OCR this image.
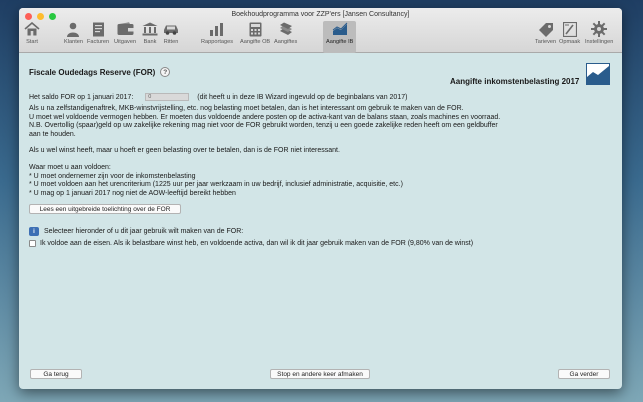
Boekhoudprogramma voor ZZP'ers [Jansen Consultancy]
Start	Klanten Facturen Uitgaven Bank Ritten	Rapportages Aangifte OB Aangiftes	Aangifte IB	Tarieven Opmaak Instellingen
Fiscale Oudedags Reserve (FOR)	?
Aangifte inkomstenbelasting 2017
Het saldo FOR op 1 januari 2017:
0	(dit heeft u in deze IB Wizard ingevuld op de beginbalans van 2017)
Als u na zelfstandigenaftrek, MKB-winstvrijstelling, etc. nog belasting moet betalen, dan is het interessant om gebruik te maken van de FOR.
U moet wel voldoende vermogen hebben. Er moeten dus voldoende andere posten op de activa-kant van de balans staan, zoals machines en voorraad.
N.B. Overtollig (spaar)geld op uw zakelijke rekening mag niet voor de FOR gebruikt worden, tenzij u een goede zakelijke reden heeft om een geldbuffer
aan te houden.
Als u wel winst heeft, maar u hoeft er geen belasting over te betalen, dan is de FOR niet interessant.
Waar moet u aan voldoen:
* U moet ondernemer zijn voor de inkomstenbelasting
* U moet voldoen aan het urencriterium (1225 uur per jaar werkzaam in uw bedrijf, inclusief administratie, acquisitie, etc.)
* U mag op 1 januari 2017 nog niet de AOW-leeftijd bereikt hebben
Lees een uitgebreide toelichting over de FOR
i	Selecteer hieronder of u dit jaar gebruik wilt maken van de FOR:
Ik voldoe aan de eisen. Als ik belastbare winst heb, en voldoende activa, dan wil ik dit jaar gebruik maken van de FOR (9,80% van de winst)
Ga terug	Stop en andere keer afmaken	Ga verder
